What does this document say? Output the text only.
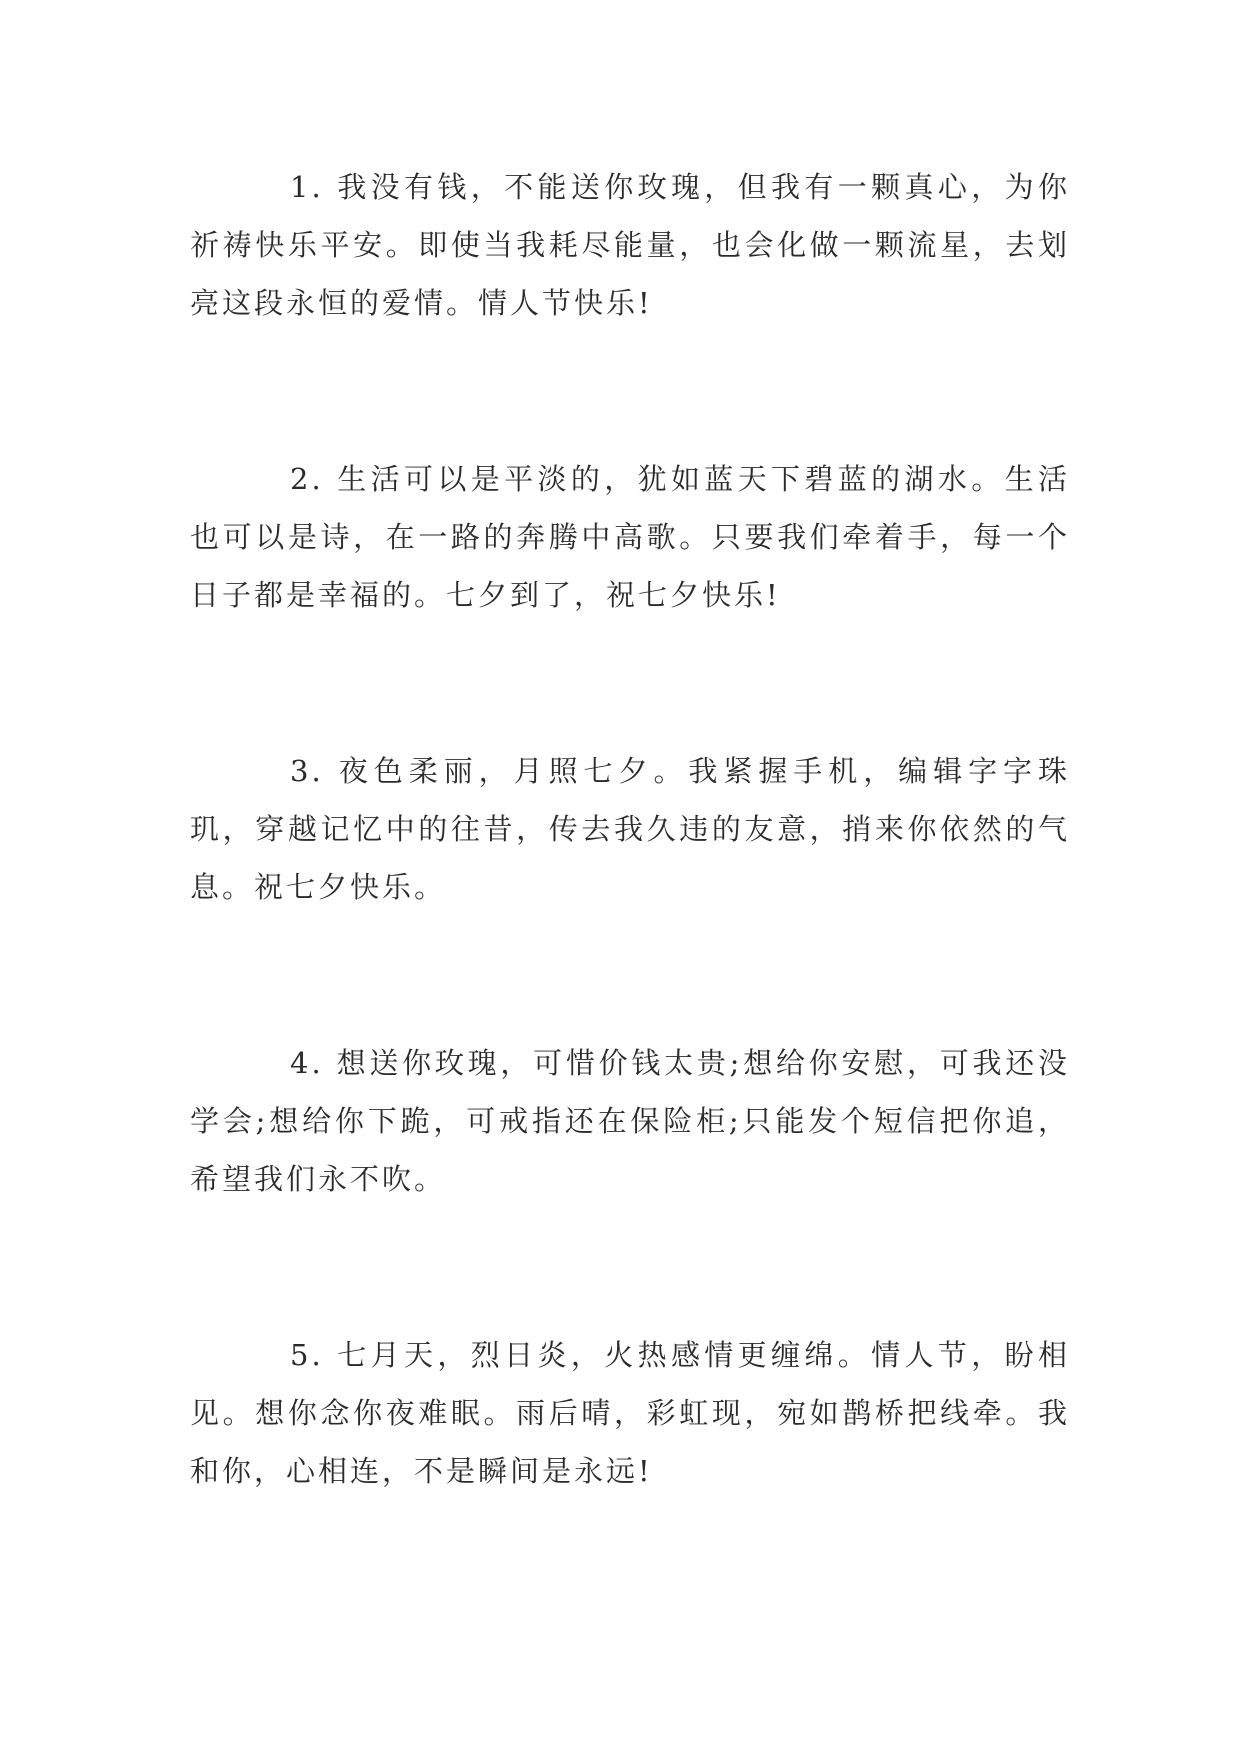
1. 我没有钱，不能送你玫瑰，但我有一颗真心，为你祈祷快乐平安。即使当我耗尽能量，也会化做一颗流星，去划亮这段永恒的爱情。情人节快乐!

2. 生活可以是平淡的，犹如蓝天下碧蓝的湖水。生活也可以是诗，在一路的奔腾中高歌。只要我们牵着手，每一个日子都是幸福的。七夕到了，祝七夕快乐!

3. 夜色柔丽，月照七夕。我紧握手机，编辑字字珠玑，穿越记忆中的往昔，传去我久违的友意，捎来你依然的气息。祝七夕快乐。

4. 想送你玫瑰，可惜价钱太贵;想给你安慰，可我还没学会;想给你下跪，可戒指还在保险柜;只能发个短信把你追，希望我们永不吹。

5. 七月天，烈日炎，火热感情更缠绵。情人节，盼相见。想你念你夜难眠。雨后晴，彩虹现，宛如鹊桥把线牵。我和你，心相连，不是瞬间是永远!
